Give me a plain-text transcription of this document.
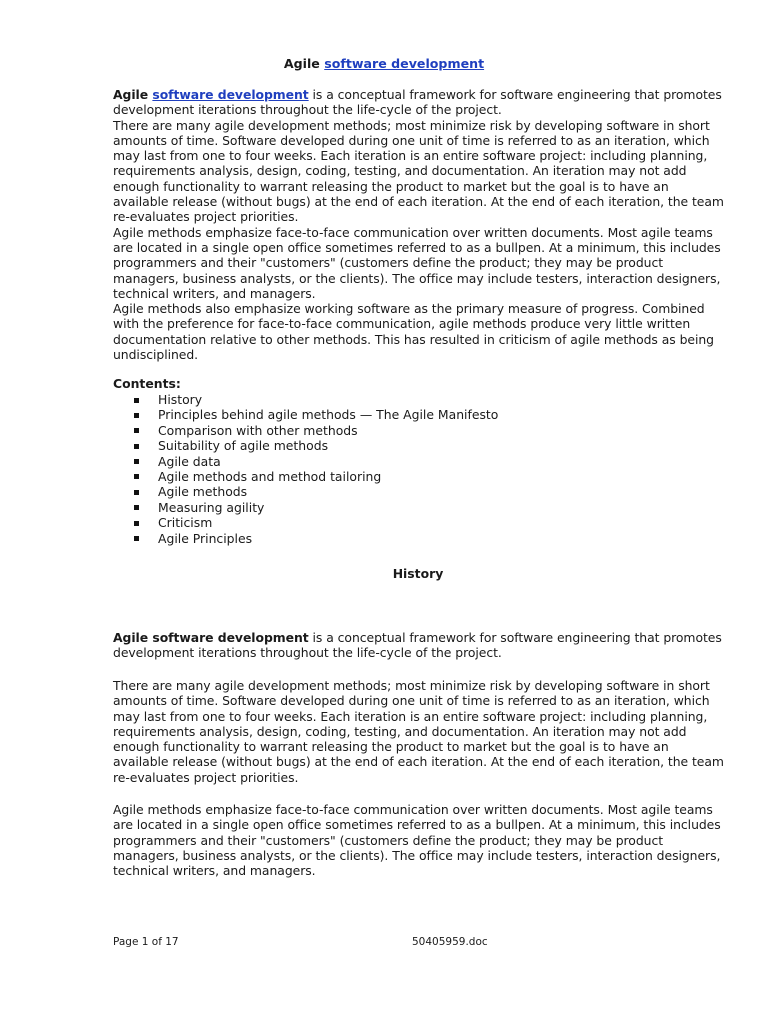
Agile software development

Agile software development is a conceptual framework for software engineering that promotes development iterations throughout the life-cycle of the project.

There are many agile development methods; most minimize risk by developing software in short amounts of time. Software developed during one unit of time is referred to as an iteration, which may last from one to four weeks. Each iteration is an entire software project: including planning, requirements analysis, design, coding, testing, and documentation. An iteration may not add enough functionality to warrant releasing the product to market but the goal is to have an available release (without bugs) at the end of each iteration. At the end of each iteration, the team re-evaluates project priorities.

Agile methods emphasize face-to-face communication over written documents. Most agile teams are located in a single open office sometimes referred to as a bullpen. At a minimum, this includes programmers and their "customers" (customers define the product; they may be product managers, business analysts, or the clients). The office may include testers, interaction designers, technical writers, and managers.

Agile methods also emphasize working software as the primary measure of progress. Combined with the preference for face-to-face communication, agile methods produce very little written documentation relative to other methods. This has resulted in criticism of agile methods as being undisciplined.

Contents:
History
Principles behind agile methods — The Agile Manifesto
Comparison with other methods
Suitability of agile methods
Agile data
Agile methods and method tailoring
Agile methods
Measuring agility
Criticism
Agile Principles
History

Agile software development is a conceptual framework for software engineering that promotes development iterations throughout the life-cycle of the project.

There are many agile development methods; most minimize risk by developing software in short amounts of time. Software developed during one unit of time is referred to as an iteration, which may last from one to four weeks. Each iteration is an entire software project: including planning, requirements analysis, design, coding, testing, and documentation. An iteration may not add enough functionality to warrant releasing the product to market but the goal is to have an available release (without bugs) at the end of each iteration. At the end of each iteration, the team re-evaluates project priorities.

Agile methods emphasize face-to-face communication over written documents. Most agile teams are located in a single open office sometimes referred to as a bullpen. At a minimum, this includes programmers and their "customers" (customers define the product; they may be product managers, business analysts, or the clients). The office may include testers, interaction designers, technical writers, and managers.

Page 1 of 17	50405959.doc
